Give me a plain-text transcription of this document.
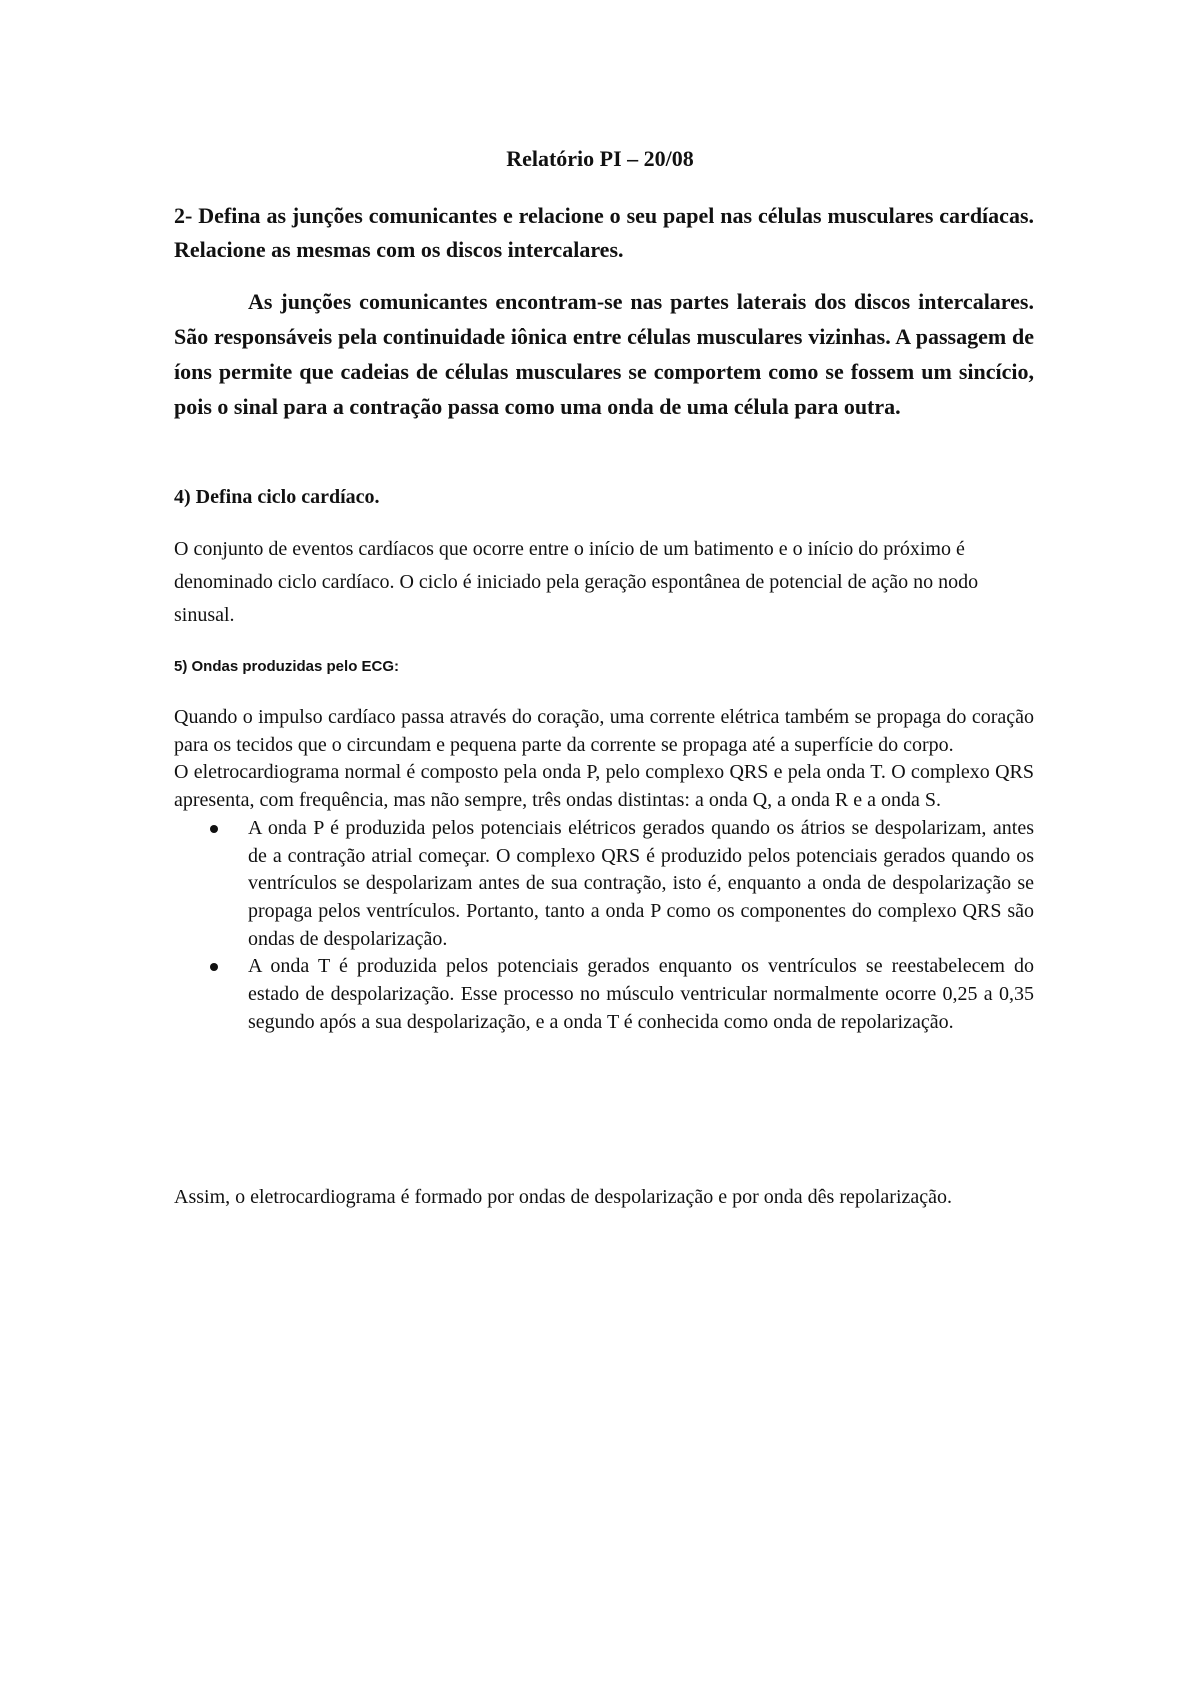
Relatório PI – 20/08

2- Defina as junções comunicantes e relacione o seu papel nas células musculares cardíacas. Relacione as mesmas com os discos intercalares.

As junções comunicantes encontram-se nas partes laterais dos discos intercalares. São responsáveis pela continuidade iônica entre células musculares vizinhas. A passagem de íons permite que cadeias de células musculares se comportem como se fossem um sincício, pois o sinal para a contração passa como uma onda de uma célula para outra.

4) Defina ciclo cardíaco.

O conjunto de eventos cardíacos que ocorre entre o início de um batimento e o início do próximo é denominado ciclo cardíaco. O ciclo é iniciado pela geração espontânea de potencial de ação no nodo sinusal.

5) Ondas produzidas pelo ECG:

Quando o impulso cardíaco passa através do coração, uma corrente elétrica também se propaga do coração para os tecidos que o circundam e pequena parte da corrente se propaga até a superfície do corpo.

O eletrocardiograma normal é composto pela onda P, pelo complexo QRS e pela onda T. O complexo QRS apresenta, com frequência, mas não sempre, três ondas distintas: a onda Q, a onda R e a onda S.

A onda P é produzida pelos potenciais elétricos gerados quando os átrios se despolarizam, antes de a contração atrial começar. O complexo QRS é produzido pelos potenciais gerados quando os ventrículos se despolarizam antes de sua contração, isto é, enquanto a onda de despolarização se propaga pelos ventrículos. Portanto, tanto a onda P como os componentes do complexo QRS são ondas de despolarização.
A onda T é produzida pelos potenciais gerados enquanto os ventrículos se reestabelecem do estado de despolarização. Esse processo no músculo ventricular normalmente ocorre 0,25 a 0,35 segundo após a sua despolarização, e a onda T é conhecida como onda de repolarização.

Assim, o eletrocardiograma é formado por ondas de despolarização e por onda dês repolarização.
